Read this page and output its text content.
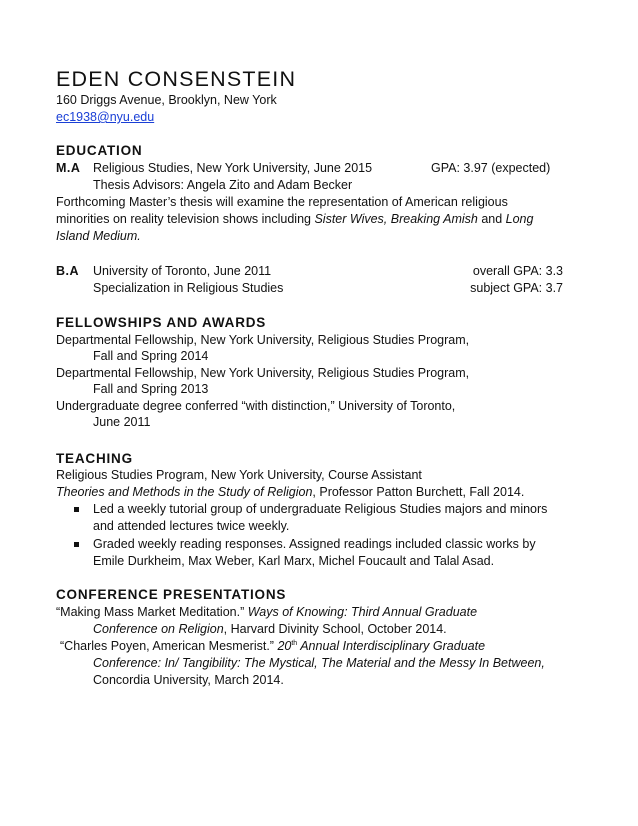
EDEN CONSENSTEIN
160 Driggs Avenue, Brooklyn, New York
ec1938@nyu.edu
EDUCATION
M.A Religious Studies, New York University, June 2015	GPA: 3.97 (expected)
Thesis Advisors: Angela Zito and Adam Becker
Forthcoming Master’s thesis will examine the representation of American religious minorities on reality television shows including Sister Wives, Breaking Amish and Long Island Medium.
B.A University of Toronto, June 2011	overall GPA: 3.3
Specialization in Religious Studies	subject GPA: 3.7
FELLOWSHIPS AND AWARDS
Departmental Fellowship, New York University, Religious Studies Program,
Fall and Spring 2014
Departmental Fellowship, New York University, Religious Studies Program,
Fall and Spring 2013
Undergraduate degree conferred “with distinction,” University of Toronto,
June 2011
TEACHING
Religious Studies Program, New York University, Course Assistant
Theories and Methods in the Study of Religion, Professor Patton Burchett, Fall 2014.
Led a weekly tutorial group of undergraduate Religious Studies majors and minors and attended lectures twice weekly.
Graded weekly reading responses. Assigned readings included classic works by Emile Durkheim, Max Weber, Karl Marx, Michel Foucault and Talal Asad.
CONFERENCE PRESENTATIONS
“Making Mass Market Meditation.” Ways of Knowing: Third Annual Graduate
Conference on Religion, Harvard Divinity School, October 2014.
“Charles Poyen, American Mesmerist.” 20th Annual Interdisciplinary Graduate
Conference: In/ Tangibility: The Mystical, The Material and the Messy In Between,
Concordia University, March 2014.
